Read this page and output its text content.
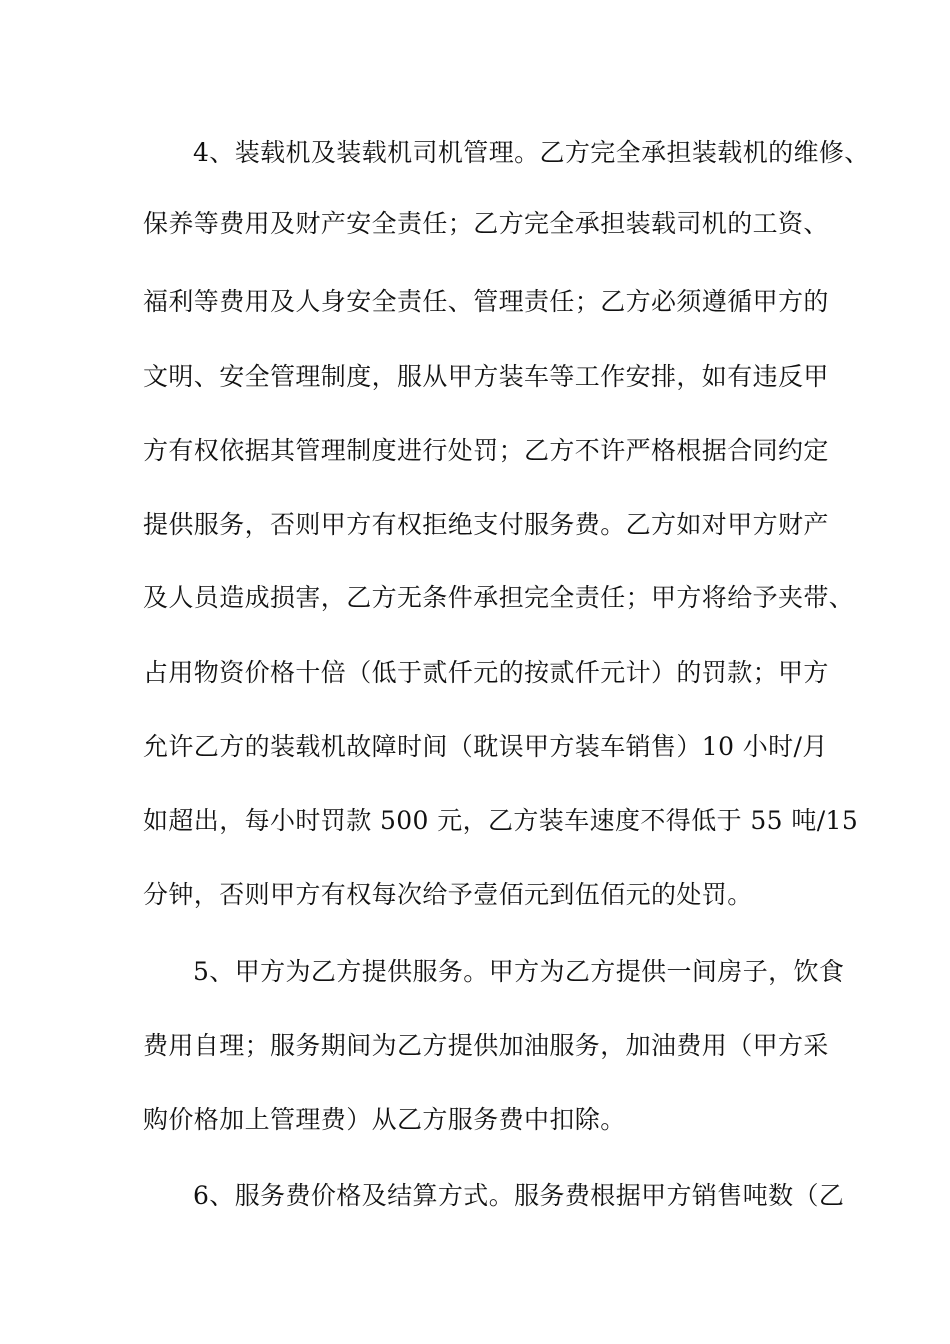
4、装载机及装载机司机管理。乙方完全承担装载机的维修、

保养等费用及财产安全责任；乙方完全承担装载司机的工资、

福利等费用及人身安全责任、管理责任；乙方必须遵循甲方的

文明、安全管理制度，服从甲方装车等工作安排，如有违反甲

方有权依据其管理制度进行处罚；乙方不许严格根据合同约定

提供服务，否则甲方有权拒绝支付服务费。乙方如对甲方财产

及人员造成损害，乙方无条件承担完全责任；甲方将给予夹带、

占用物资价格十倍（低于贰仟元的按贰仟元计）的罚款；甲方

允许乙方的装载机故障时间（耽误甲方装车销售）10 小时/月

如超出，每小时罚款 500 元，乙方装车速度不得低于 55 吨/15

分钟，否则甲方有权每次给予壹佰元到伍佰元的处罚。

5、甲方为乙方提供服务。甲方为乙方提供一间房子，饮食

费用自理；服务期间为乙方提供加油服务，加油费用（甲方采

购价格加上管理费）从乙方服务费中扣除。

6、服务费价格及结算方式。服务费根据甲方销售吨数（乙
